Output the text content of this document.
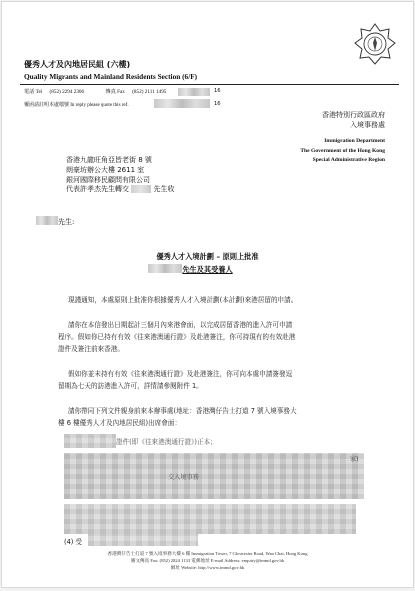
優秀人才及內地居民組 (六樓)
Quality Migrants and Mainland Residents Section (6/F)
電話 Tel (852) 2294 2306	傳真 Fax (852) 2111 1495	16
覆函請註明本處檔號 In reply please quote this ref.	16
香港特別行政區政府
入境事務處
Immigration Department
The Government of the Hong Kong
Special Administrative Region
香港九龍旺角亞皆老街 8 號
朗豪坊辦公大樓 2611 室
銀河國際移民顧問有限公司
代表許孝杰先生轉交	先生收
先生:
優秀人才入境計劃 – 原則上批准
先生及其受養人
現謹通知，本處原則上批准你根據優秀人才入境計劃(本計劃)來港居留的申請。
請你在本信發出日期起計三個月內來港會面，以完成居留香港的進入許可申請
程序。假如你已持有有效《往來港澳通行證》及赴港簽注，你可持現有的有效赴港
證件及簽注前來香港。
假如你並未持有有效《往來港澳通行證》及赴港簽注，你可向本處申請簽發逗
留期為七天的訪港進入許可，詳情請參閱附件 1。
請你帶同下列文件親身前來本辦事處(地址：香港灣仔告士打道 7 號入境事務大
樓 6 樓優秀人才及內地居民組)出席會面：
證件(即《往來港澳通行證》)正本；
家)
交入境事務
(4) 受
香港灣仔告士打道 7 號入境事務大樓 6 樓 Immigration Tower, 7 Gloucester Road, Wan Chai, Hong Kong
圖文傳真 Fax: (852) 2824 1133 電郵地址 E-mail Address: enquiry@immd.gov.hk
網址 Website: http://www.immd.gov.hk
